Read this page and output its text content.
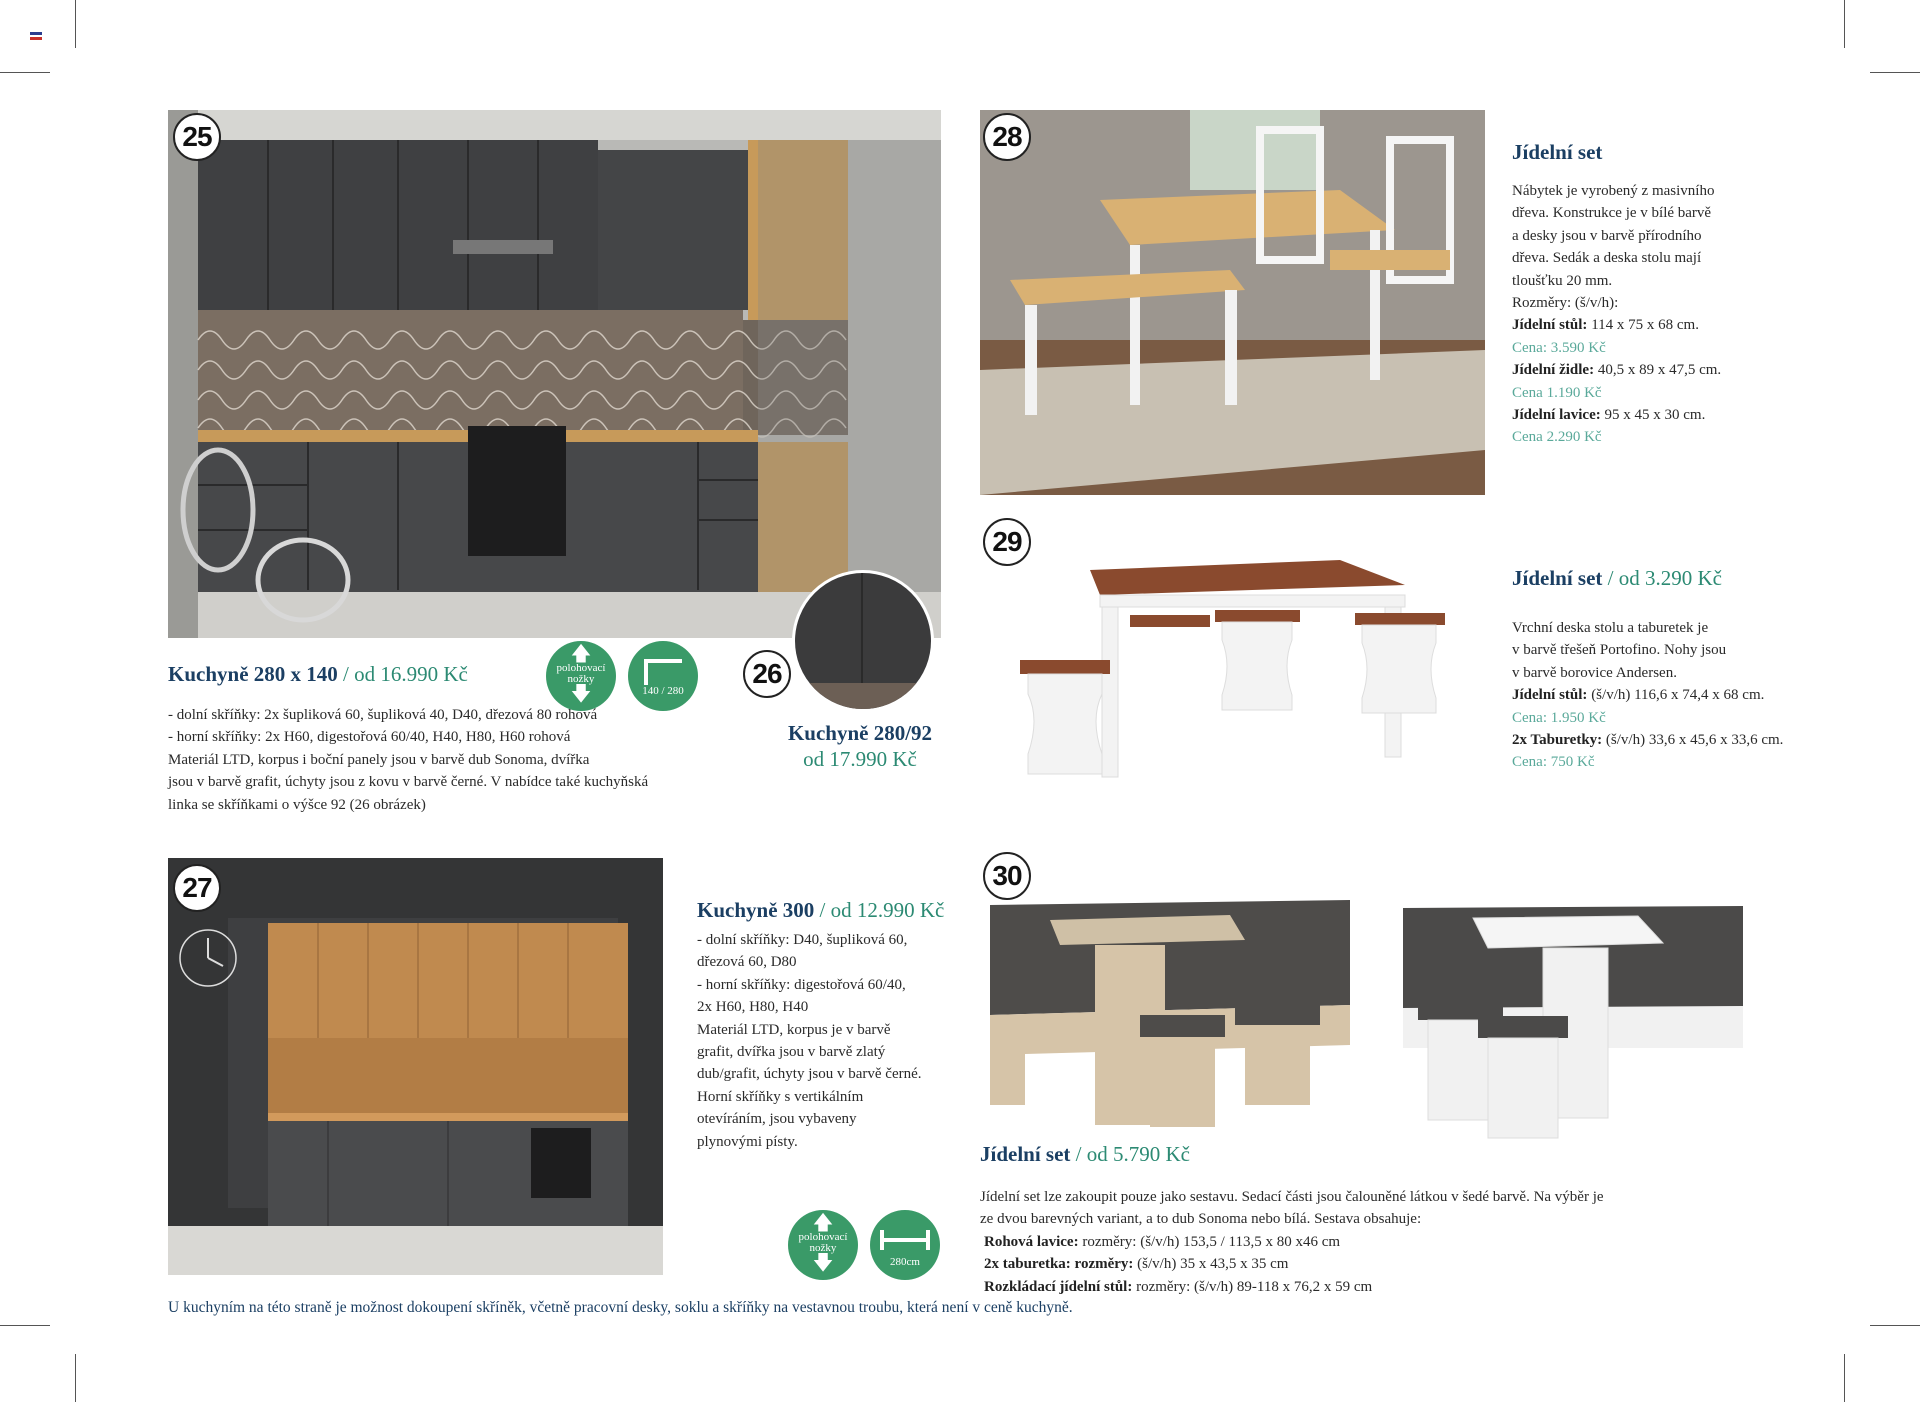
25
26
Kuchyně 280 x 140 / od 16.990 Kč
🡅
polohovací nožky
🡇	140 / 280
- dolní skříňky: 2x šupliková 60, šupliková 40, D40, dřezová 80 rohová
- horní skříňky: 2x H60, digestořová 60/40, H40, H80, H60 rohová
Materiál LTD, korpus i boční panely jsou v barvě dub Sonoma, dvířka
jsou v barvě grafit, úchyty jsou z kovu v barvě černé. V nabídce také kuchyňská
linka se skříňkami o výšce 92 (26 obrázek)
Kuchyně 280/92
od 17.990 Kč
28	Jídelní set
Nábytek je vyrobený z masivního
dřeva. Konstrukce je v bílé barvě
a desky jsou v barvě přírodního
dřeva. Sedák a deska stolu mají
tloušťku 20 mm.
Rozměry: (š/v/h):
Jídelní stůl: 114 x 75 x 68 cm.
Cena: 3.590 Kč
Jídelní židle: 40,5 x 89 x 47,5 cm.
Cena 1.190 Kč
Jídelní lavice: 95 x 45 x 30 cm.
Cena 2.290 Kč
29
Jídelní set / od 3.290 Kč
Vrchní deska stolu a taburetek je
v barvě třešeň Portofino. Nohy jsou
v barvě borovice Andersen.
Jídelní stůl: (š/v/h) 116,6 x 74,4 x 68 cm.
Cena: 1.950 Kč
2x Taburetky: (š/v/h) 33,6 x 45,6 x 33,6 cm.
Cena: 750 Kč
27
Kuchyně 300 / od 12.990 Kč
- dolní skříňky: D40, šupliková 60,
dřezová 60, D80
- horní skříňky: digestořová 60/40,
2x H60, H80, H40
Materiál LTD, korpus je v barvě
grafit, dvířka jsou v barvě zlatý
dub/grafit, úchyty jsou v barvě černé.
Horní skříňky s vertikálním
otevíráním, jsou vybaveny
plynovými písty.
🡅
polohovací nožky
🡇	280cm
30
Jídelní set / od 5.790 Kč
Jídelní set lze zakoupit pouze jako sestavu. Sedací části jsou čalouněné látkou v šedé barvě. Na výběr je
ze dvou barevných variant, a to dub Sonoma nebo bílá. Sestava obsahuje:
Rohová lavice: rozměry: (š/v/h) 153,5 / 113,5 x 80 x46 cm
2x taburetka: rozměry: (š/v/h) 35 x 43,5 x 35 cm
Rozkládací jídelní stůl: rozměry: (š/v/h) 89-118 x 76,2 x 59 cm
U kuchyním na této straně je možnost dokoupení skříněk, včetně pracovní desky, soklu a skříňky na vestavnou troubu, která není v ceně kuchyně.
